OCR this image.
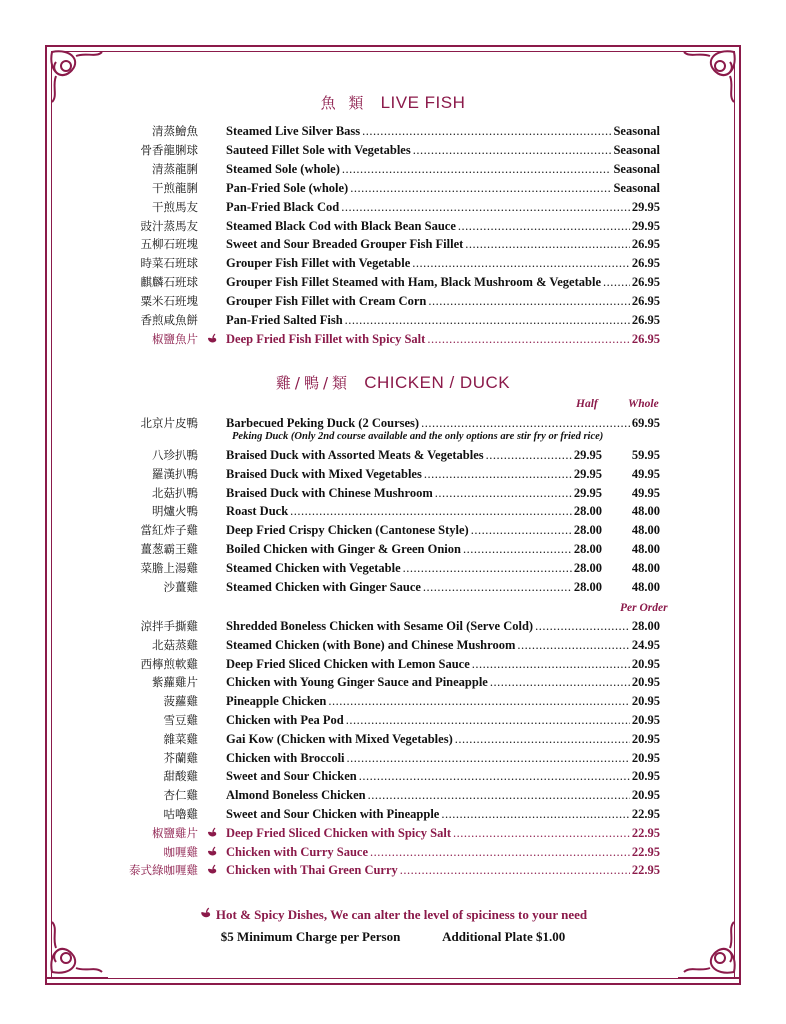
魚 類 LIVE FISH
清蒸鱠魚 Steamed Live Silver Bass .....	Seasonal
骨香龍脷球 Sauteed Fillet Sole with Vegetables .....	Seasonal
清蒸龍脷 Steamed Sole (whole) .....	Seasonal
干煎龍脷 Pan-Fried Sole (whole) .....	Seasonal
干煎馬友 Pan-Fried Black Cod .....	29.95
豉汁蒸馬友 Steamed Black Cod with Black Bean Sauce .....	29.95
五柳石班塊 Sweet and Sour Breaded Grouper Fish Fillet .....	26.95
時菜石班球 Grouper Fish Fillet with Vegetable .....	26.95
麒麟石班球 Grouper Fish Fillet Steamed with Ham, Black Mushroom & Vegetable ..... 26.95
粟米石班塊 Grouper Fish Fillet with Cream Corn .....	26.95
香煎咸魚餅 Pan-Fried Salted Fish .....	26.95
椒鹽魚片 Deep Fried Fish Fillet with Spicy Salt .....	26.95
雞/鴨/類 CHICKEN / DUCK
Half	Whole
北京片皮鴨 Barbecued Peking Duck (2 Courses) .....	69.95
八珍扒鴨 Braised Duck with Assorted Meats & Vegetables .....	29.95 59.95
羅漢扒鴨 Braised Duck with Mixed Vegetables .....	29.95 49.95
北菇扒鴨 Braised Duck with Chinese Mushroom .....	29.95 49.95
明爐火鴨 Roast Duck .....	28.00 48.00
當紅炸子雞 Deep Fried Crispy Chicken (Cantonese Style) .....	28.00 48.00
薑葱霸王雞 Boiled Chicken with Ginger & Green Onion .....	28.00 48.00
菜膽上湯雞 Steamed Chicken with Vegetable .....	28.00 48.00
沙薑雞 Steamed Chicken with Ginger Sauce .....	28.00 48.00
Peking Duck (Only 2nd course available and the only options are stir fry or fried rice)
Per Order
涼拌手撕雞 Shredded Boneless Chicken with Sesame Oil (Serve Cold) .....	28.00
北菇蒸雞 Steamed Chicken (with Bone) and Chinese Mushroom .....	24.95
西檸煎軟雞 Deep Fried Sliced Chicken with Lemon Sauce .....	20.95
紫蘿雞片 Chicken with Young Ginger Sauce and Pineapple .....	20.95
菠蘿雞 Pineapple Chicken .....	20.95
雪豆雞 Chicken with Pea Pod .....	20.95
雜菜雞 Gai Kow (Chicken with Mixed Vegetables) .....	20.95
芥蘭雞 Chicken with Broccoli .....	20.95
甜酸雞 Sweet and Sour Chicken .....	20.95
杏仁雞 Almond Boneless Chicken .....	20.95
咕嚕雞 Sweet and Sour Chicken with Pineapple .....	22.95
椒鹽雞片 Deep Fried Sliced Chicken with Spicy Salt .....	22.95
咖喱雞 Chicken with Curry Sauce .....	22.95
泰式綠咖喱雞 Chicken with Thai Green Curry .....	22.95
Hot & Spicy Dishes, We can alter the level of spiciness to your need
$5 Minimum Charge per Person	Additional Plate $1.00
